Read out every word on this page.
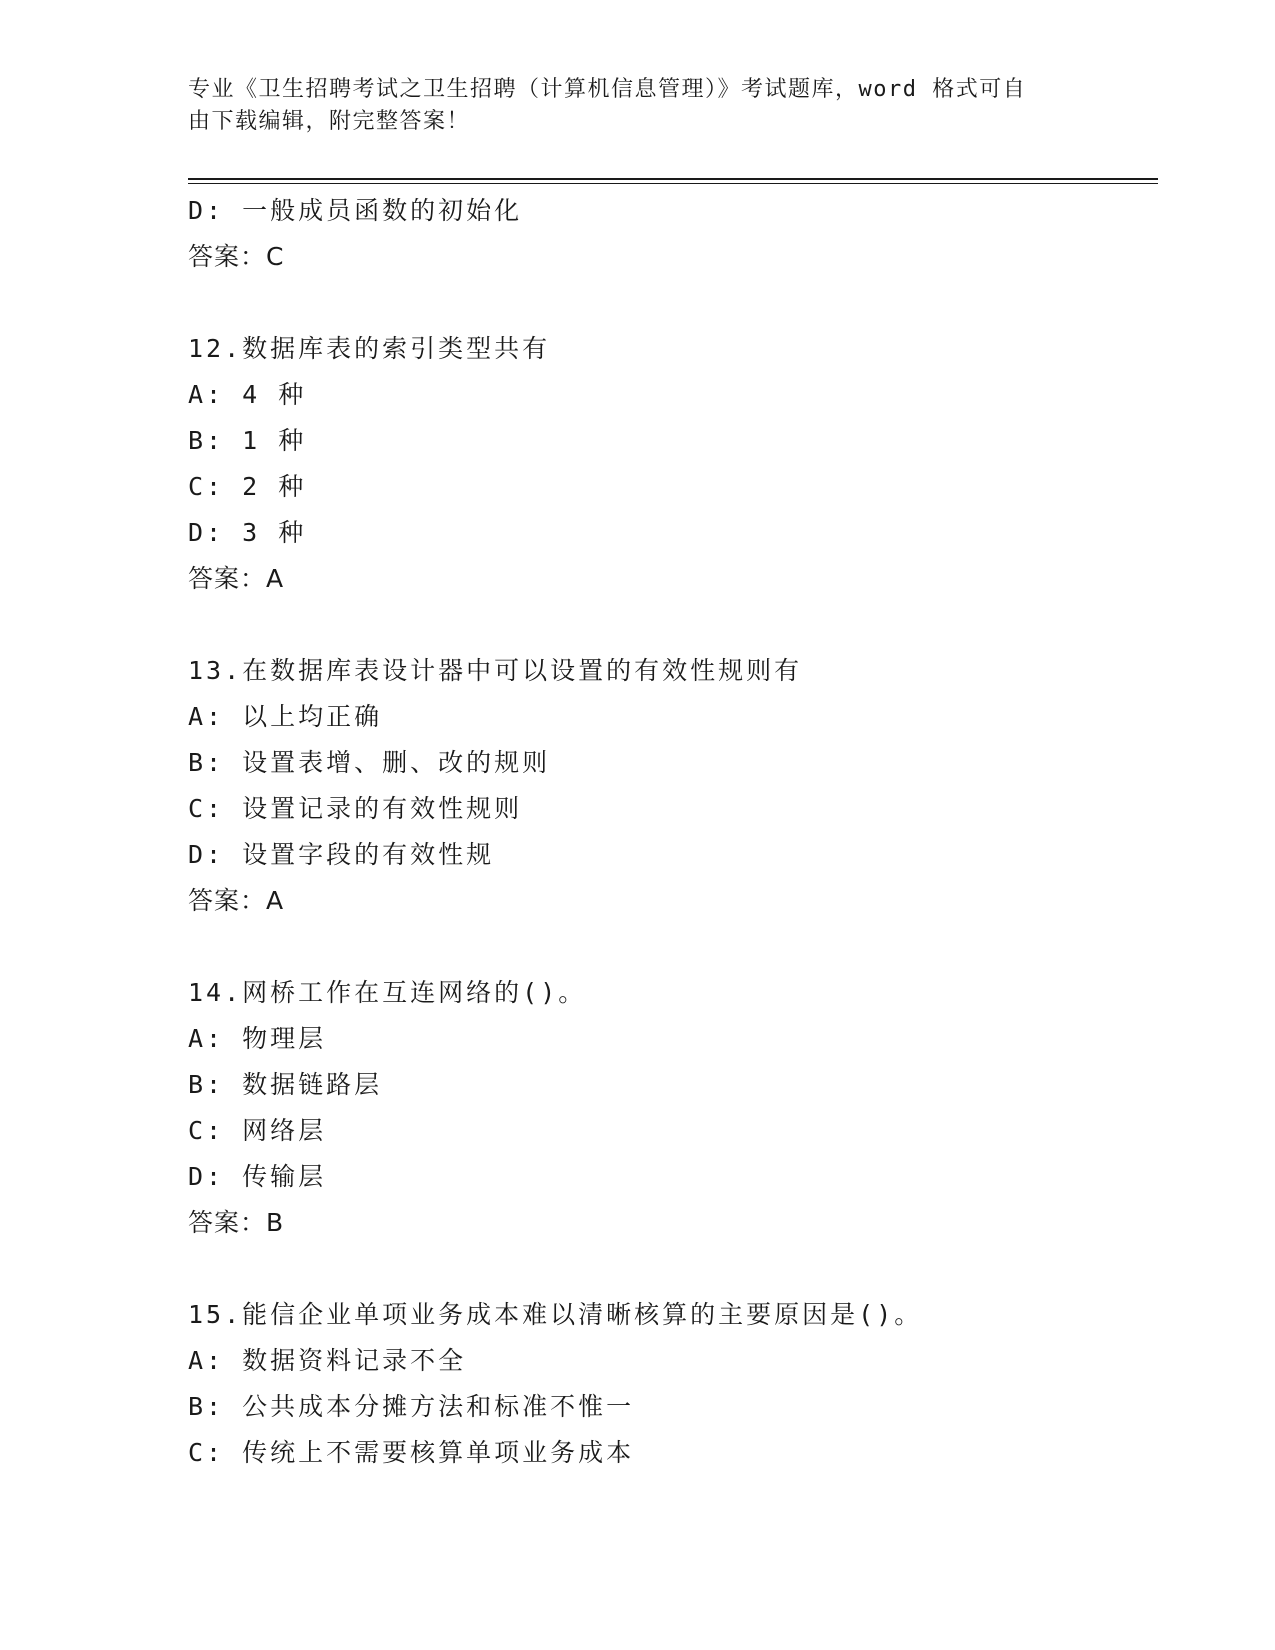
专业《卫生招聘考试之卫生招聘（计算机信息管理）》考试题库，word 格式可自
由下载编辑，附完整答案！
D: 一般成员函数的初始化
答案：C
12.数据库表的索引类型共有
A: 4 种
B: 1 种
C: 2 种
D: 3 种
答案：A
13.在数据库表设计器中可以设置的有效性规则有
A: 以上均正确
B: 设置表增、删、改的规则
C: 设置记录的有效性规则
D: 设置字段的有效性规
答案：A
14.网桥工作在互连网络的()。
A: 物理层
B: 数据链路层
C: 网络层
D: 传输层
答案：B
15.能信企业单项业务成本难以清晰核算的主要原因是()。
A: 数据资料记录不全
B: 公共成本分摊方法和标准不惟一
C: 传统上不需要核算单项业务成本
